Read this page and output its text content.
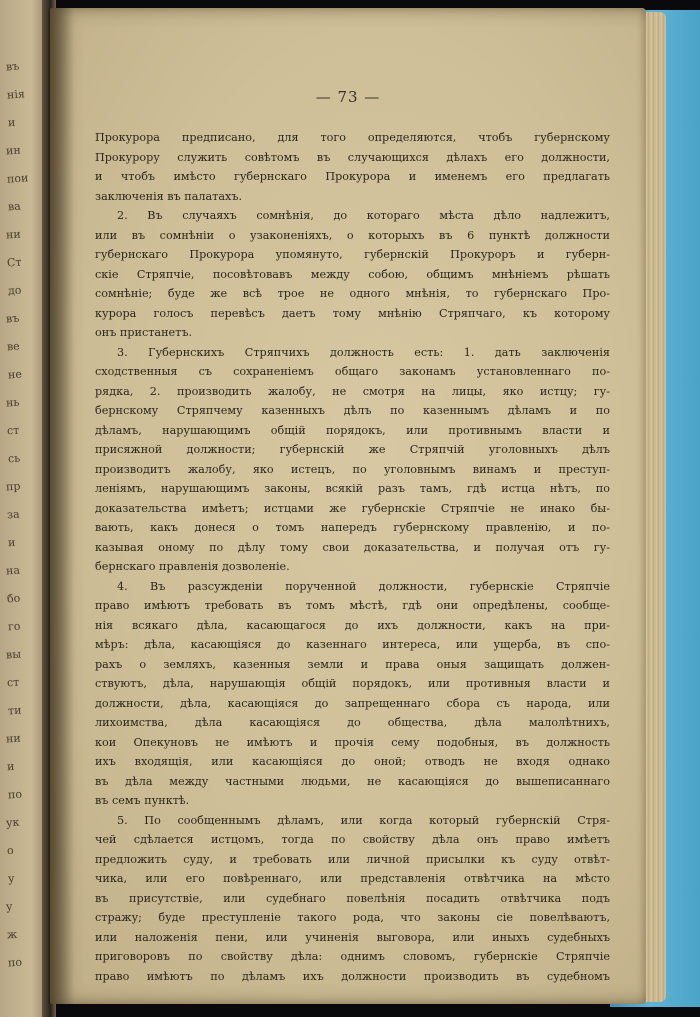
въ
нія
и
ин
пои
ва
ни
Ст
до
въ
ве
не
нь
ст
сь
пр
за
и
на
бо
го
вы
ст
ти
ни
и
по
ук
о
у
у
ж
по
— 73 —
Прокурора предписано, для того определяются, чтобъ губернскому
Прокурору служить совѣтомъ въ случающихся дѣлахъ его должности,
и чтобъ имѣсто губернскаго Прокурора и именемъ его предлагать
заключенія въ палатахъ.
2. Въ случаяхъ сомнѣнія, до котораго мѣста дѣло надлежитъ,
или въ сомнѣніи о узаконеніяхъ, о которыхъ въ 6 пунктѣ должности
губернскаго Прокурора упомянуто, губернскій Прокуроръ и губерн-
скіе Стряпчіе, посовѣтовавъ между собою, общимъ мнѣніемъ рѣшать
сомнѣніе; буде же всѣ трое не одного мнѣнія, то губернскаго Про-
курора голосъ перевѣсъ даетъ тому мнѣнію Стряпчаго, къ которому
онъ пристанетъ.
3. Губернскихъ Стряпчихъ должность есть: 1. дать заключенія
сходственныя съ сохраненіемъ общаго законамъ установленнаго по-
рядка, 2. производить жалобу, не смотря на лицы, яко истцу; гу-
бернскому Стряпчему казенныхъ дѣлъ по казеннымъ дѣламъ и по
дѣламъ, нарушающимъ общій порядокъ, или противнымъ власти и
присяжной должности; губернскій же Стряпчій уголовныхъ дѣлъ
производитъ жалобу, яко истецъ, по уголовнымъ винамъ и преступ-
леніямъ, нарушающимъ законы, всякій разъ тамъ, гдѣ истца нѣтъ, по
доказательства имѣетъ; истцами же губернскіе Стряпчіе не инако бы-
вають, какъ донеся о томъ напередъ губернскому правленію, и по-
казывая оному по дѣлу тому свои доказательства, и получая отъ гу-
бернскаго правленія дозволеніе.
4. Въ разсужденіи порученной должности, губернскіе Стряпчіе
право имѣютъ требовать въ томъ мѣстѣ, гдѣ они опредѣлены, сообще-
нія всякаго дѣла, касающагося до ихъ должности, какъ на при-
мѣръ: дѣла, касающіяся до казеннаго интереса, или ущерба, въ спо-
рахъ о земляхъ, казенныя земли и права оныя защищать должен-
ствуютъ, дѣла, нарушающія общій порядокъ, или противныя власти и
должности, дѣла, касающіяся до запрещеннаго сбора съ народа, или
лихоимства, дѣла касающіяся до общества, дѣла малолѣтнихъ,
кои Опекуновъ не имѣютъ и прочія сему подобныя, въ должность
ихъ входящія, или касающіяся до оной; отводъ не входя однако
въ дѣла между частными людьми, не касающіяся до вышеписаннаго
въ семъ пунктѣ.
5. По сообщеннымъ дѣламъ, или когда который губернскій Стря-
чей сдѣлается истцомъ, тогда по свойству дѣла онъ право имѣетъ
предложить суду, и требовать или личной присылки къ суду отвѣт-
чика, или его повѣреннаго, или представленія отвѣтчика на мѣсто
въ присутствіе, или судебнаго повелѣнія посадить отвѣтчика подъ
стражу; буде преступленіе такого рода, что законы сіе повелѣваютъ,
или наложенія пени, или учиненія выговора, или иныхъ судебныхъ
приговоровъ по свойству дѣла: однимъ словомъ, губернскіе Стряпчіе
право имѣютъ по дѣламъ ихъ должности производить въ судебномъ
